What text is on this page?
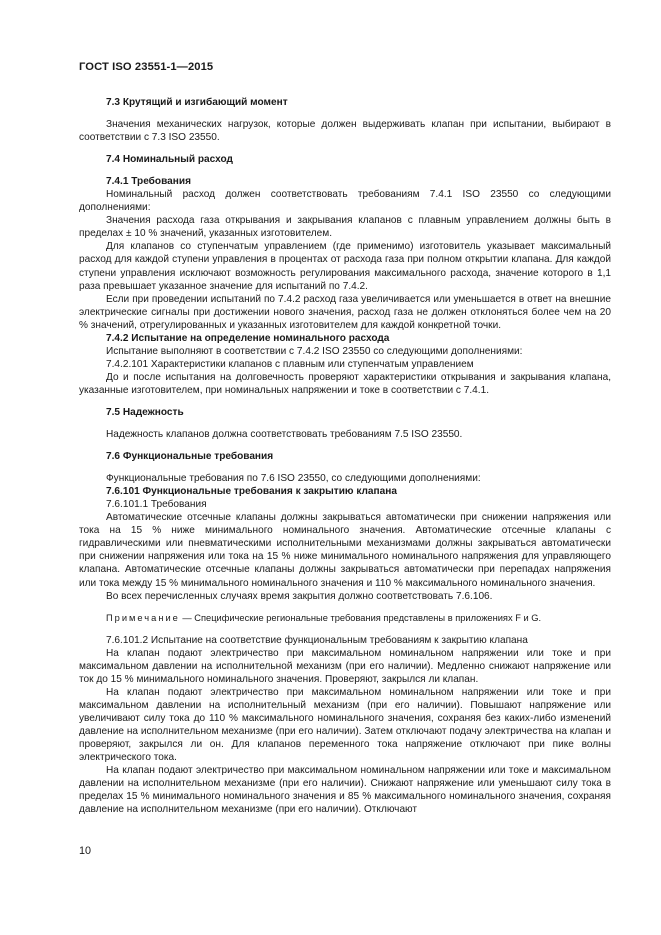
ГОСТ ISO 23551-1—2015

7.3 Крутящий и изгибающий момент

Значения механических нагрузок, которые должен выдерживать клапан при испытании, выбирают в соответствии с 7.3 ISO 23550.

7.4 Номинальный расход

7.4.1 Требования

Номинальный расход должен соответствовать требованиям 7.4.1 ISO 23550 со следующими дополнениями:

Значения расхода газа открывания и закрывания клапанов с плавным управлением должны быть в пределах ± 10 % значений, указанных изготовителем.

Для клапанов со ступенчатым управлением (где применимо) изготовитель указывает максимальный расход для каждой ступени управления в процентах от расхода газа при полном открытии клапана. Для каждой ступени управления исключают возможность регулирования максимального расхода, значение которого в 1,1 раза превышает указанное значение для испытаний по 7.4.2.

Если при проведении испытаний по 7.4.2 расход газа увеличивается или уменьшается в ответ на внешние электрические сигналы при достижении нового значения, расход газа не должен отклоняться более чем на 20 % значений, отрегулированных и указанных изготовителем для каждой конкретной точки.

7.4.2 Испытание на определение номинального расхода

Испытание выполняют в соответствии с 7.4.2 ISO 23550 со следующими дополнениями:

7.4.2.101 Характеристики клапанов с плавным или ступенчатым управлением

До и после испытания на долговечность проверяют характеристики открывания и закрывания клапана, указанные изготовителем, при номинальных напряжении и токе в соответствии с 7.4.1.

7.5 Надежность

Надежность клапанов должна соответствовать требованиям 7.5 ISO 23550.

7.6 Функциональные требования

Функциональные требования по 7.6 ISO 23550, со следующими дополнениями:

7.6.101 Функциональные требования к закрытию клапана

7.6.101.1 Требования

Автоматические отсечные клапаны должны закрываться автоматически при снижении напряжения или тока на 15 % ниже минимального номинального значения. Автоматические отсечные клапаны с гидравлическими или пневматическими исполнительными механизмами должны закрываться автоматически при снижении напряжения или тока на 15 % ниже минимального номинального напряжения для управляющего клапана. Автоматические отсечные клапаны должны закрываться автоматически при перепадах напряжения или тока между 15 % минимального номинального значения и 110 % максимального номинального значения.

Во всех перечисленных случаях время закрытия должно соответствовать 7.6.106.

Примечание — Специфические региональные требования представлены в приложениях F и G.

7.6.101.2 Испытание на соответствие функциональным требованиям к закрытию клапана

На клапан подают электричество при максимальном номинальном напряжении или токе и при максимальном давлении на исполнительной механизм (при его наличии). Медленно снижают напряжение или ток до 15 % минимального номинального значения. Проверяют, закрылся ли клапан.

На клапан подают электричество при максимальном номинальном напряжении или токе и при максимальном давлении на исполнительный механизм (при его наличии). Повышают напряжение или увеличивают силу тока до 110 % максимального номинального значения, сохраняя без каких-либо изменений давление на исполнительном механизме (при его наличии). Затем отключают подачу электричества на клапан и проверяют, закрылся ли он. Для клапанов переменного тока напряжение отключают при пике волны электрического тока.

На клапан подают электричество при максимальном номинальном напряжении или токе и максимальном давлении на исполнительном механизме (при его наличии). Снижают напряжение или уменьшают силу тока в пределах 15 % минимального номинального значения и 85 % максимального номинального значения, сохраняя давление на исполнительном механизме (при его наличии). Отключают

10
